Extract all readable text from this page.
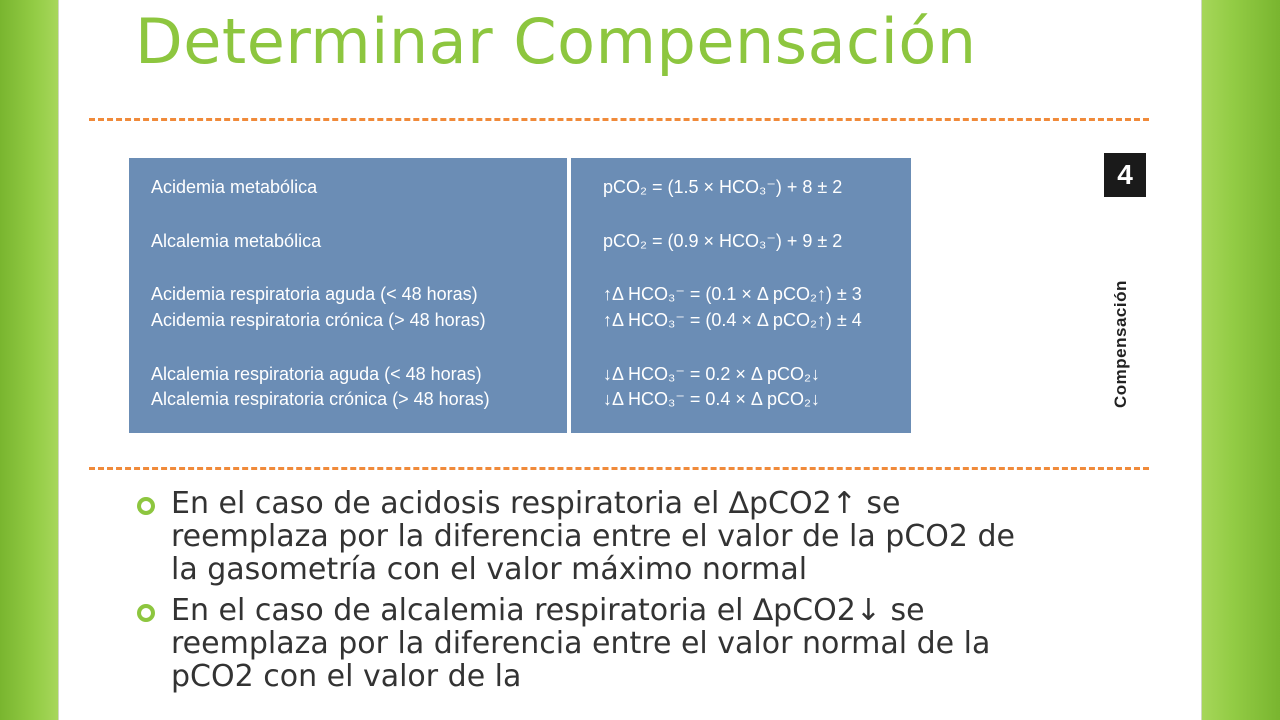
Determinar Compensación
Acidemia metabólica
Alcalemia metabólica
Acidemia respiratoria aguda (< 48 horas)
Acidemia respiratoria crónica (> 48 horas)
Alcalemia respiratoria aguda (< 48 horas)
Alcalemia respiratoria crónica (> 48 horas)
pCO₂ = (1.5 × HCO₃⁻) + 8 ± 2
pCO₂ = (0.9 × HCO₃⁻) + 9 ± 2
↑Δ HCO₃⁻ = (0.1 × Δ pCO₂↑) ± 3
↑Δ HCO₃⁻ = (0.4 × Δ pCO₂↑) ± 4
↓Δ HCO₃⁻ = 0.2 × Δ pCO₂↓
↓Δ HCO₃⁻ = 0.4 × Δ pCO₂↓
4
Compensación
En el caso de acidosis respiratoria el ∆pCO2↑ se reemplaza por la diferencia entre el valor de la pCO2 de la gasometría con el valor máximo normal
En el caso de alcalemia respiratoria el ∆pCO2↓ se reemplaza por la diferencia entre el valor normal de la pCO2 con el valor de la
